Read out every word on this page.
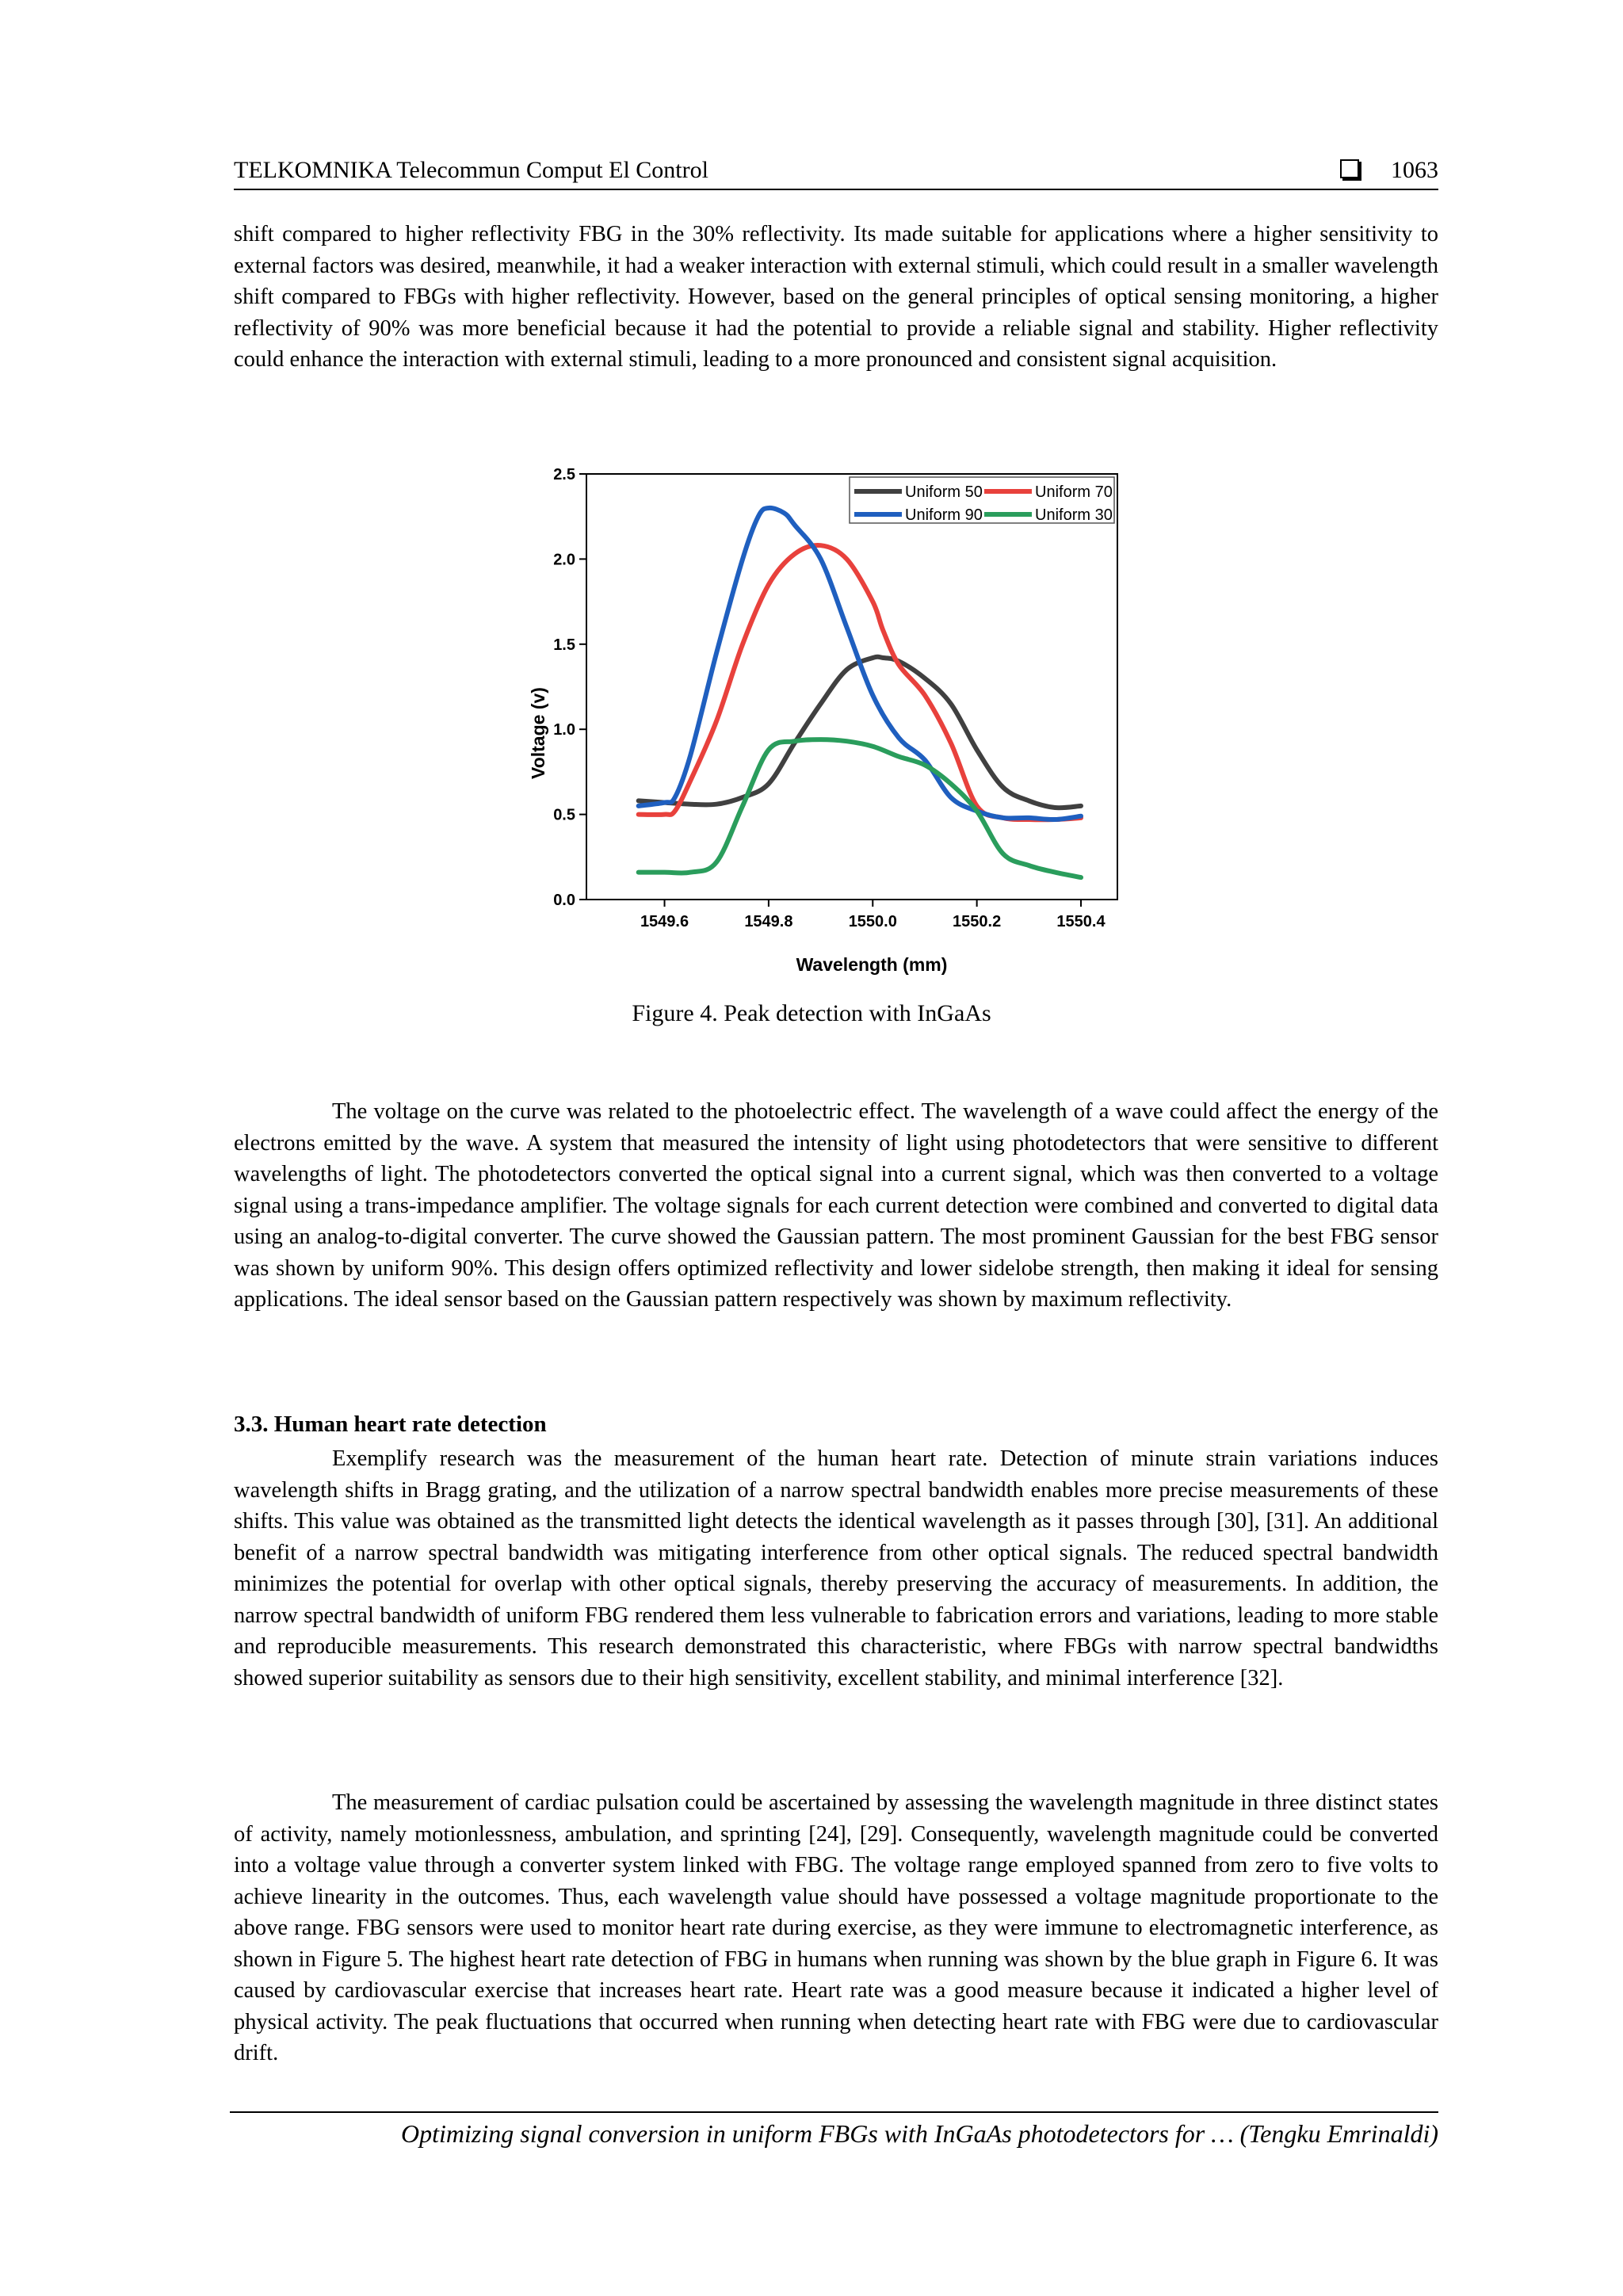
TELKOMNIKA Telecommun Comput El Control	1063

shift compared to higher reflectivity FBG in the 30% reflectivity. Its made suitable for applications where a higher sensitivity to external factors was desired, meanwhile, it had a weaker interaction with external stimuli, which could result in a smaller wavelength shift compared to FBGs with higher reflectivity. However, based on the general principles of optical sensing monitoring, a higher reflectivity of 90% was more beneficial because it had the potential to provide a reliable signal and stability. Higher reflectivity could enhance the interaction with external stimuli, leading to a more pronounced and consistent signal acquisition.

0.0
0.5
1.0
1.5
2.0
2.5
1549.6	1549.8	1550.0	1550.2	1550.4
Wavelength (mm)
Voltage (v)
Uniform 50	Uniform 70
Uniform 90	Uniform 30
Figure 4. Peak detection with InGaAs

The voltage on the curve was related to the photoelectric effect. The wavelength of a wave could affect the energy of the electrons emitted by the wave. A system that measured the intensity of light using photodetectors that were sensitive to different wavelengths of light. The photodetectors converted the optical signal into a current signal, which was then converted to a voltage signal using a trans-impedance amplifier. The voltage signals for each current detection were combined and converted to digital data using an analog-to-digital converter. The curve showed the Gaussian pattern. The most prominent Gaussian for the best FBG sensor was shown by uniform 90%. This design offers optimized reflectivity and lower sidelobe strength, then making it ideal for sensing applications. The ideal sensor based on the Gaussian pattern respectively was shown by maximum reflectivity.

3.3. Human heart rate detection

Exemplify research was the measurement of the human heart rate. Detection of minute strain variations induces wavelength shifts in Bragg grating, and the utilization of a narrow spectral bandwidth enables more precise measurements of these shifts. This value was obtained as the transmitted light detects the identical wavelength as it passes through [30], [31]. An additional benefit of a narrow spectral bandwidth was mitigating interference from other optical signals. The reduced spectral bandwidth minimizes the potential for overlap with other optical signals, thereby preserving the accuracy of measurements. In addition, the narrow spectral bandwidth of uniform FBG rendered them less vulnerable to fabrication errors and variations, leading to more stable and reproducible measurements. This research demonstrated this characteristic, where FBGs with narrow spectral bandwidths showed superior suitability as sensors due to their high sensitivity, excellent stability, and minimal interference [32].

The measurement of cardiac pulsation could be ascertained by assessing the wavelength magnitude in three distinct states of activity, namely motionlessness, ambulation, and sprinting [24], [29]. Consequently, wavelength magnitude could be converted into a voltage value through a converter system linked with FBG. The voltage range employed spanned from zero to five volts to achieve linearity in the outcomes. Thus, each wavelength value should have possessed a voltage magnitude proportionate to the above range. FBG sensors were used to monitor heart rate during exercise, as they were immune to electromagnetic interference, as shown in Figure 5. The highest heart rate detection of FBG in humans when running was shown by the blue graph in Figure 6. It was caused by cardiovascular exercise that increases heart rate. Heart rate was a good measure because it indicated a higher level of physical activity. The peak fluctuations that occurred when running when detecting heart rate with FBG were due to cardiovascular drift.

Optimizing signal conversion in uniform FBGs with InGaAs photodetectors for … (Tengku Emrinaldi)
